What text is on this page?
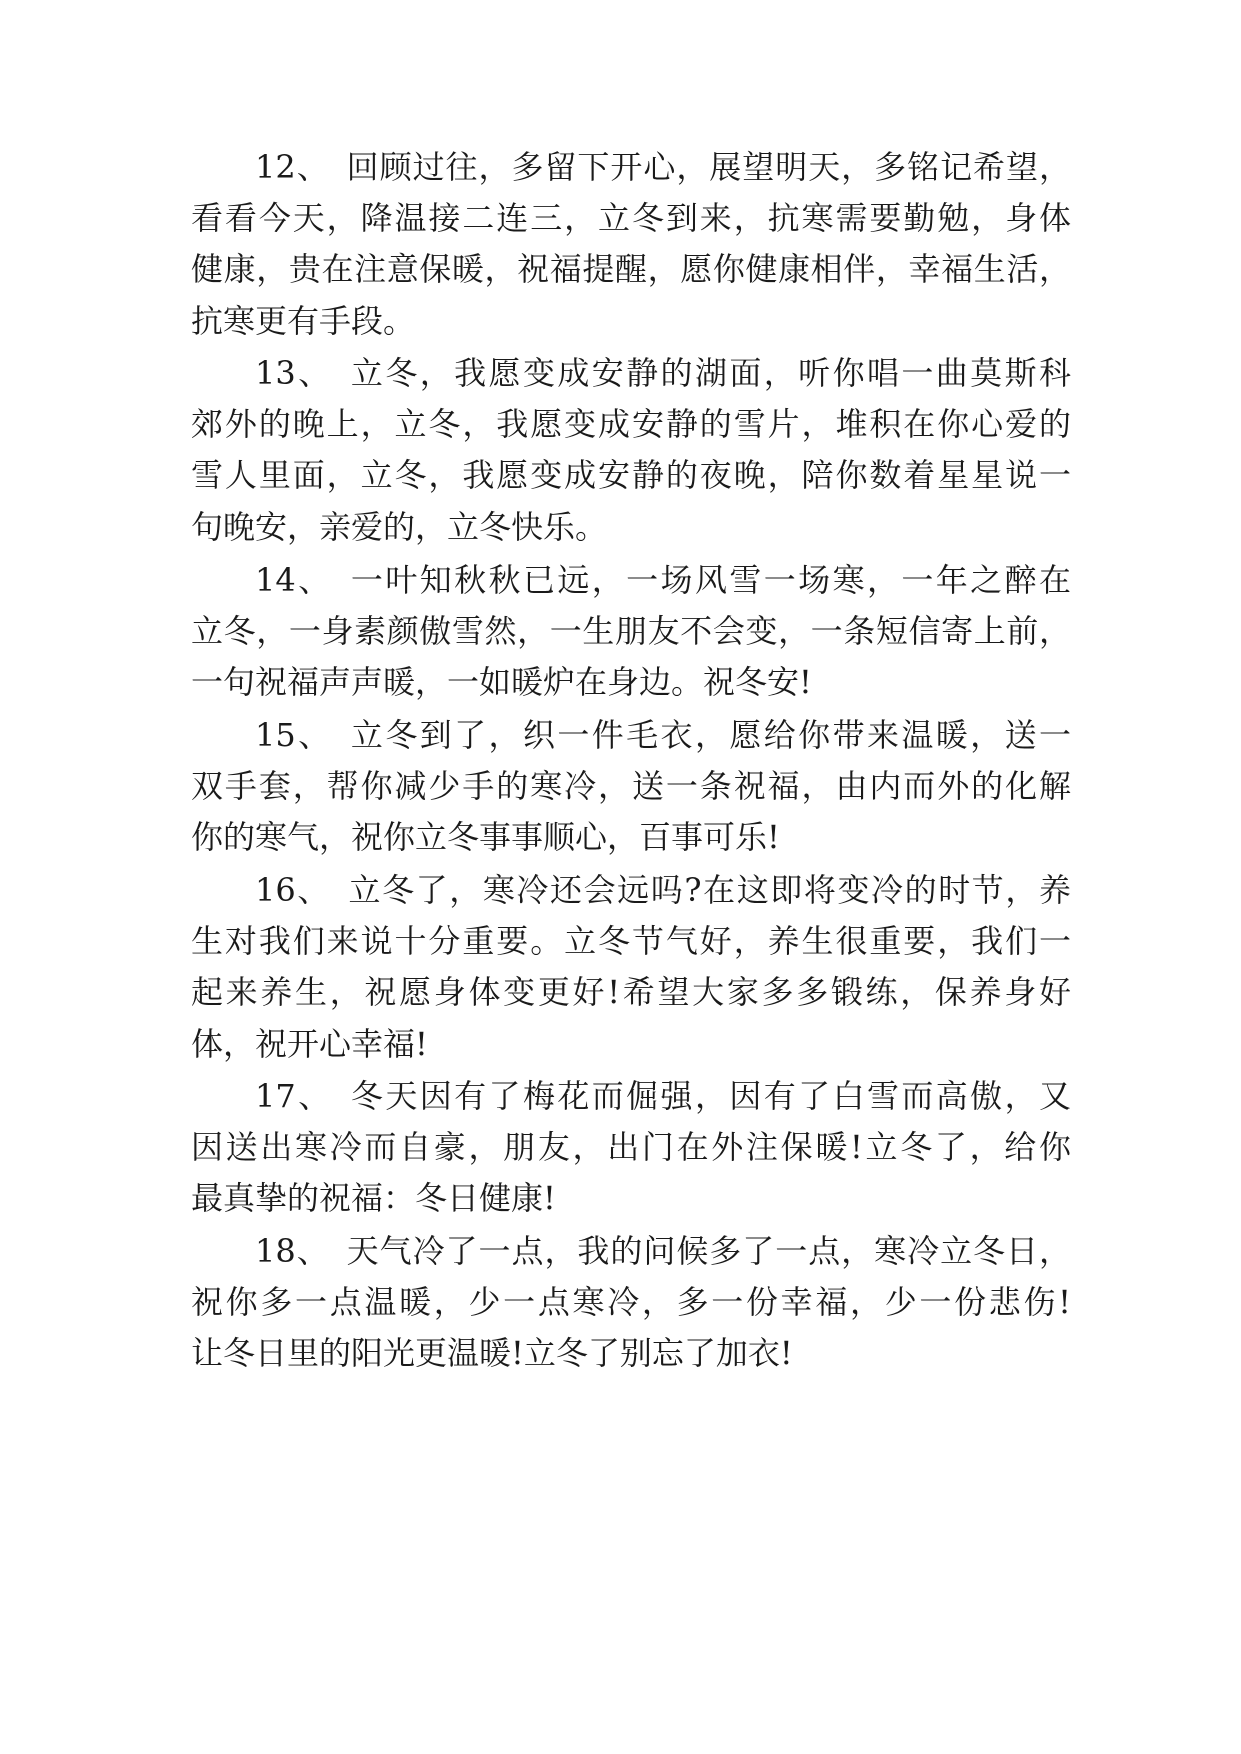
12、　回顾过往，多留下开心，展望明天，多铭记希望，
看看今天，降温接二连三，立冬到来，抗寒需要勤勉，身体
健康，贵在注意保暖，祝福提醒，愿你健康相伴，幸福生活，
抗寒更有手段。
13、　立冬，我愿变成安静的湖面，听你唱一曲莫斯科
郊外的晚上，立冬，我愿变成安静的雪片，堆积在你心爱的
雪人里面，立冬，我愿变成安静的夜晚，陪你数着星星说一
句晚安，亲爱的，立冬快乐。
14、　一叶知秋秋已远，一场风雪一场寒，一年之醉在
立冬，一身素颜傲雪然，一生朋友不会变，一条短信寄上前，
一句祝福声声暖，一如暖炉在身边。祝冬安!
15、　立冬到了，织一件毛衣，愿给你带来温暖，送一
双手套，帮你减少手的寒冷，送一条祝福，由内而外的化解
你的寒气，祝你立冬事事顺心，百事可乐!
16、　立冬了，寒冷还会远吗?在这即将变冷的时节，养
生对我们来说十分重要。立冬节气好，养生很重要，我们一
起来养生，祝愿身体变更好!希望大家多多锻练，保养身好
体，祝开心幸福!
17、　冬天因有了梅花而倔强，因有了白雪而高傲，又
因送出寒冷而自豪，朋友，出门在外注保暖!立冬了，给你
最真挚的祝福：冬日健康!
18、　天气冷了一点，我的问候多了一点，寒冷立冬日，
祝你多一点温暖，少一点寒冷，多一份幸福，少一份悲伤!
让冬日里的阳光更温暖!立冬了别忘了加衣!
